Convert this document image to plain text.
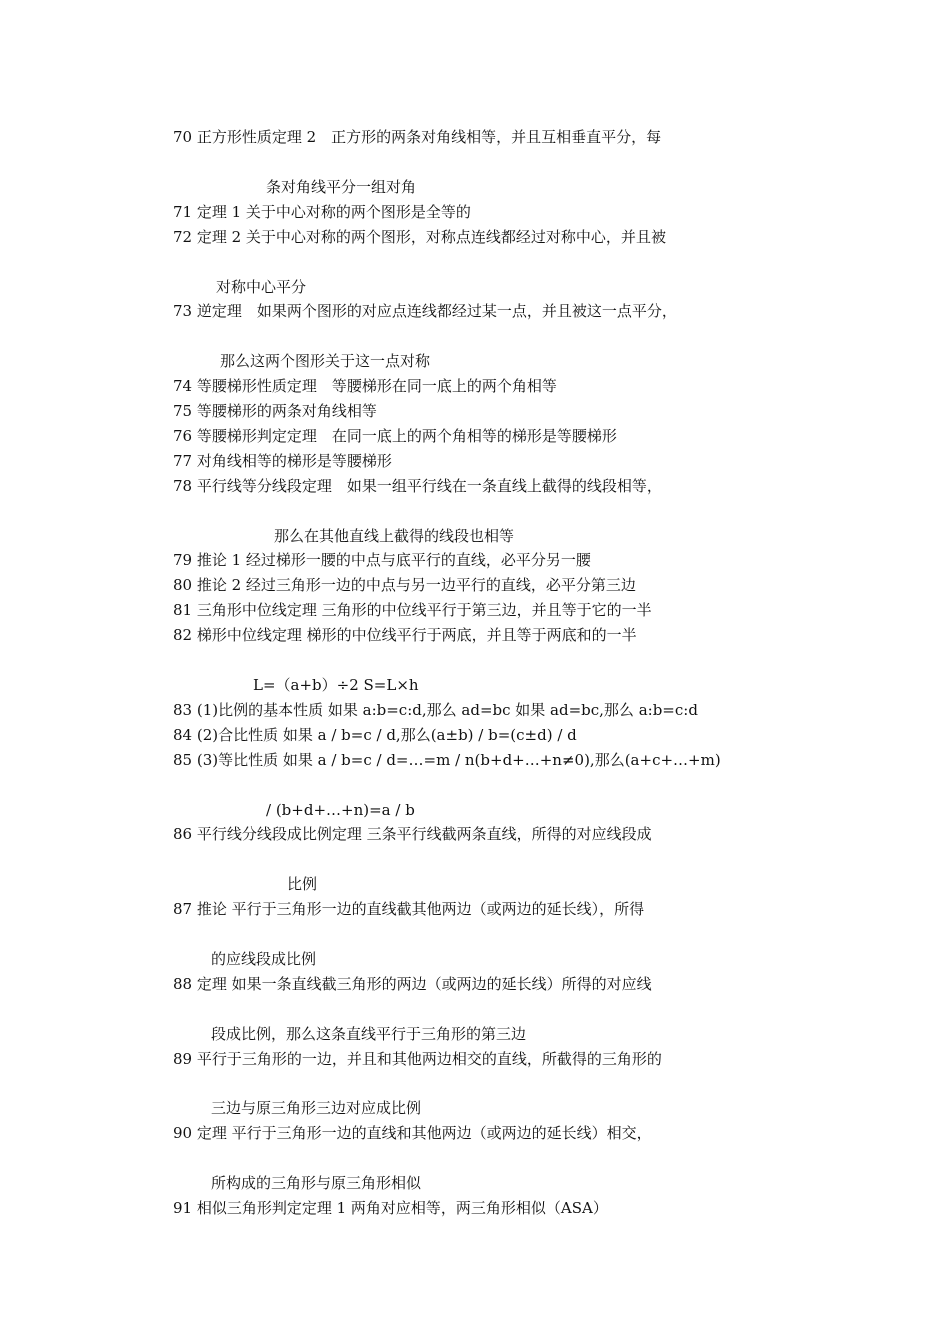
70 正方形性质定理 2　正方形的两条对角线相等，并且互相垂直平分，每
条对角线平分一组对角
71 定理 1 关于中心对称的两个图形是全等的
72 定理 2 关于中心对称的两个图形，对称点连线都经过对称中心，并且被
对称中心平分
73 逆定理　如果两个图形的对应点连线都经过某一点，并且被这一点平分，
那么这两个图形关于这一点对称
74 等腰梯形性质定理　等腰梯形在同一底上的两个角相等
75 等腰梯形的两条对角线相等
76 等腰梯形判定定理　在同一底上的两个角相等的梯形是等腰梯形
77 对角线相等的梯形是等腰梯形
78 平行线等分线段定理　如果一组平行线在一条直线上截得的线段相等，
那么在其他直线上截得的线段也相等
79 推论 1 经过梯形一腰的中点与底平行的直线，必平分另一腰
80 推论 2 经过三角形一边的中点与另一边平行的直线，必平分第三边
81 三角形中位线定理 三角形的中位线平行于第三边，并且等于它的一半
82 梯形中位线定理 梯形的中位线平行于两底，并且等于两底和的一半
L=（a+b）÷2 S=L×h
83 (1)比例的基本性质 如果 a:b=c:d,那么 ad=bc 如果 ad=bc,那么 a:b=c:d
84 (2)合比性质 如果 a / b=c / d,那么(a±b) / b=(c±d) / d
85 (3)等比性质 如果 a / b=c / d=…=m / n(b+d+…+n≠0),那么(a+c+…+m)
/ (b+d+…+n)=a / b
86 平行线分线段成比例定理 三条平行线截两条直线，所得的对应线段成
比例
87 推论 平行于三角形一边的直线截其他两边（或两边的延长线），所得
的应线段成比例
88 定理 如果一条直线截三角形的两边（或两边的延长线）所得的对应线
段成比例，那么这条直线平行于三角形的第三边
89 平行于三角形的一边，并且和其他两边相交的直线，所截得的三角形的
三边与原三角形三边对应成比例
90 定理 平行于三角形一边的直线和其他两边（或两边的延长线）相交，
所构成的三角形与原三角形相似
91 相似三角形判定定理 1 两角对应相等，两三角形相似（ASA）
